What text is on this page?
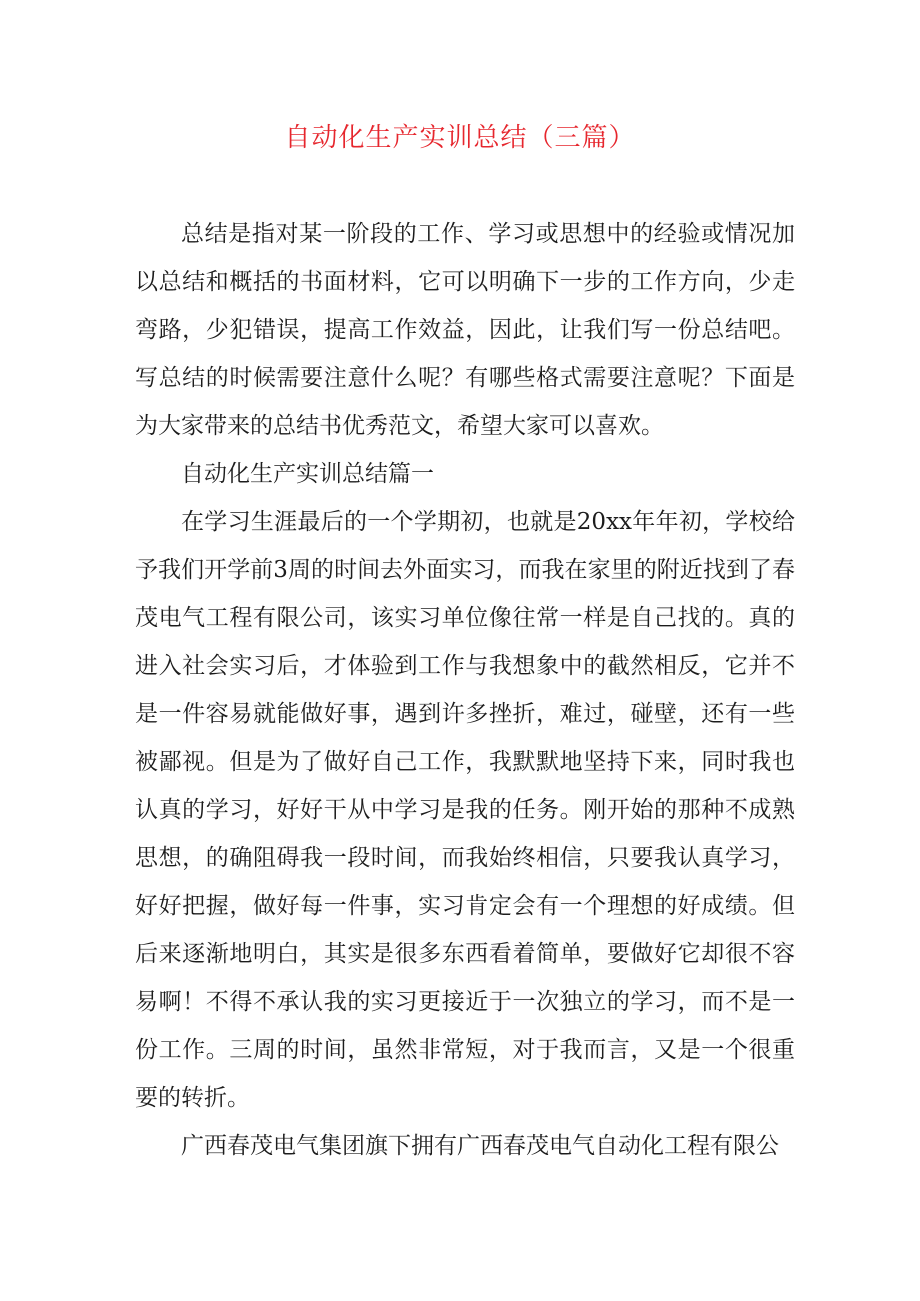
自动化生产实训总结（三篇）

总结是指对某一阶段的工作、学习或思想中的经验或情况加以总结和概括的书面材料，它可以明确下一步的工作方向，少走弯路，少犯错误，提高工作效益，因此，让我们写一份总结吧。写总结的时候需要注意什么呢？有哪些格式需要注意呢？下面是为大家带来的总结书优秀范文，希望大家可以喜欢。

自动化生产实训总结篇一

在学习生涯最后的一个学期初，也就是20xx年年初，学校给予我们开学前3周的时间去外面实习，而我在家里的附近找到了春茂电气工程有限公司，该实习单位像往常一样是自己找的。真的进入社会实习后，才体验到工作与我想象中的截然相反，它并不是一件容易就能做好事，遇到许多挫折，难过，碰壁，还有一些被鄙视。但是为了做好自己工作，我默默地坚持下来，同时我也认真的学习，好好干从中学习是我的任务。刚开始的那种不成熟思想，的确阻碍我一段时间，而我始终相信，只要我认真学习，好好把握，做好每一件事，实习肯定会有一个理想的好成绩。但后来逐渐地明白，其实是很多东西看着简单，要做好它却很不容易啊！不得不承认我的实习更接近于一次独立的学习，而不是一份工作。三周的时间，虽然非常短，对于我而言，又是一个很重要的转折。

广西春茂电气集团旗下拥有广西春茂电气自动化工程有限公
